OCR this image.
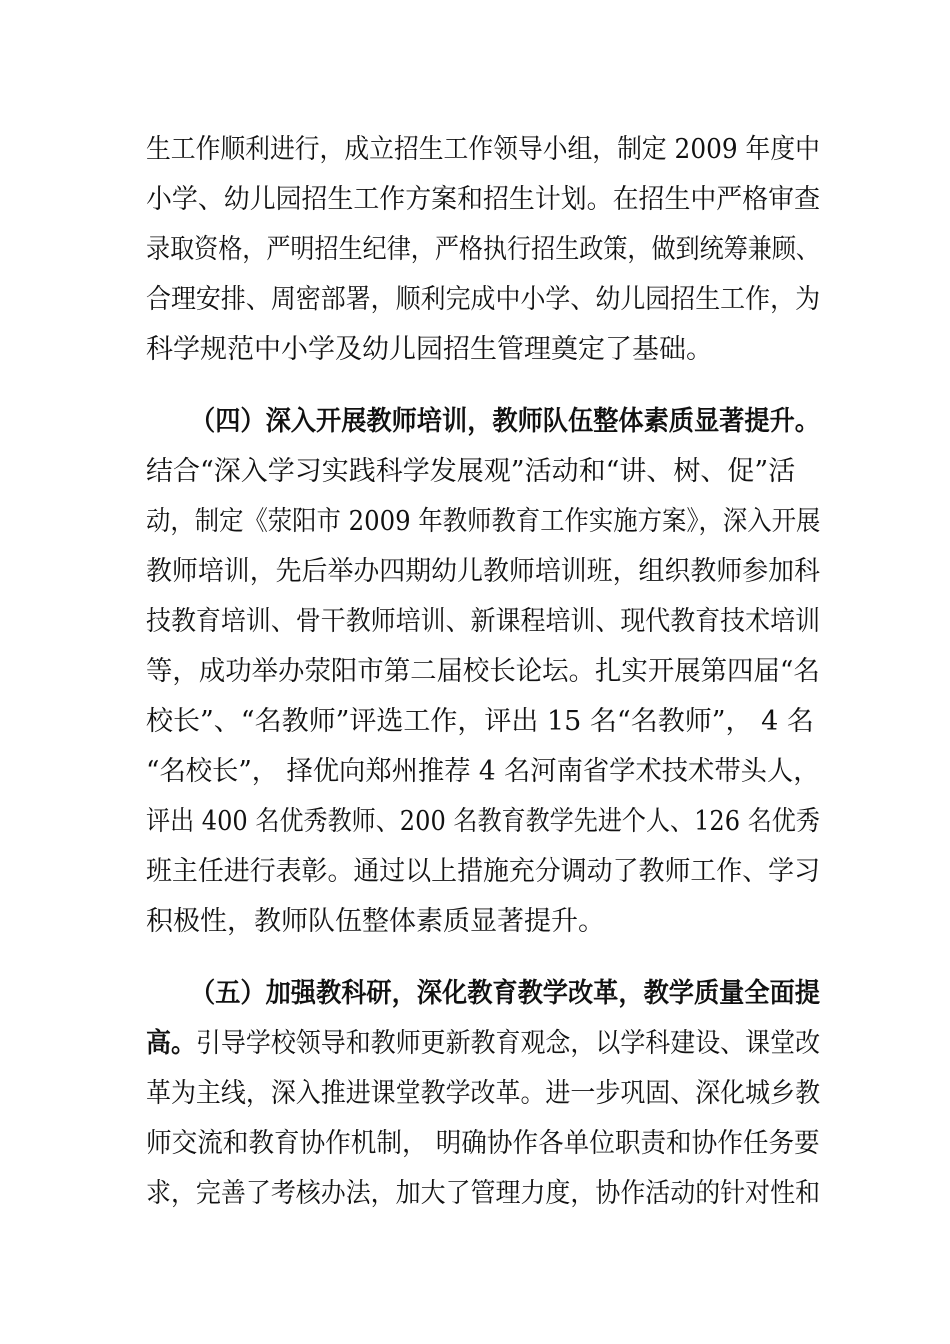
生工作顺利进行，成立招生工作领导小组，制定 2009 年度中
小学、幼儿园招生工作方案和招生计划。在招生中严格审查
录取资格，严明招生纪律，严格执行招生政策，做到统筹兼顾、
合理安排、周密部署，顺利完成中小学、幼儿园招生工作，为
科学规范中小学及幼儿园招生管理奠定了基础。
（四）深入开展教师培训，教师队伍整体素质显著提升。
结合“深入学习实践科学发展观”活动和“讲、树、促”活
动，制定《荥阳市 2009 年教师教育工作实施方案》，深入开展
教师培训，先后举办四期幼儿教师培训班，组织教师参加科
技教育培训、骨干教师培训、新课程培训、现代教育技术培训
等，成功举办荥阳市第二届校长论坛。扎实开展第四届“名
校长”、“名教师”评选工作，评出 15 名“名教师”， 4 名
“名校长”， 择优向郑州推荐 4 名河南省学术技术带头人，
评出 400 名优秀教师、200 名教育教学先进个人、126 名优秀
班主任进行表彰。通过以上措施充分调动了教师工作、学习
积极性，教师队伍整体素质显著提升。
（五）加强教科研，深化教育教学改革，教学质量全面提
高。引导学校领导和教师更新教育观念，以学科建设、课堂改
革为主线，深入推进课堂教学改革。进一步巩固、深化城乡教
师交流和教育协作机制， 明确协作各单位职责和协作任务要
求，完善了考核办法，加大了管理力度，协作活动的针对性和
